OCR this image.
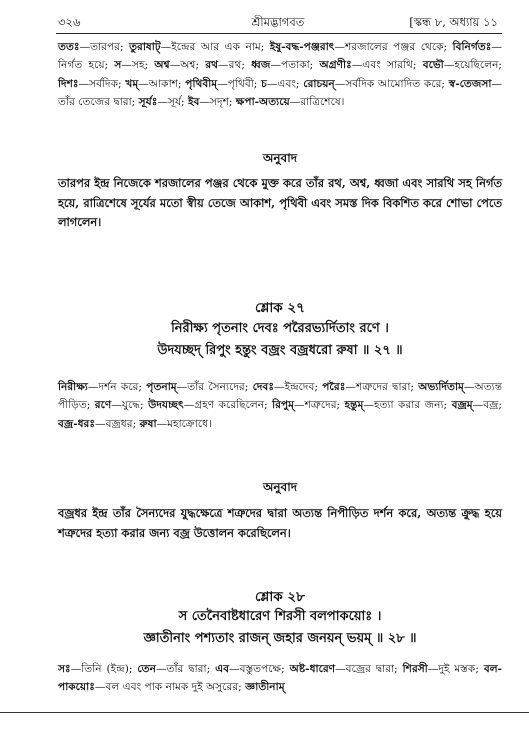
৩২৬	শ্রীমদ্ভাগবত	[স্কন্ধ ৮, অধ্যায় ১১

ততঃ—তারপর; তুরাষাট্—ইন্দ্রের আর এক নাম; ইষু-বদ্ধ-পঞ্জরাৎ—শরজালের পঞ্জর থেকে; বিনির্গতঃ—নির্গত হয়ে; স—সহ; অশ্ব—অশ্ব; রথ—রথ; ধ্বজ—পতাকা; অগ্রণীঃ—এবং সারথি; বভৌ—হয়েছিলেন; দিশঃ—সর্বদিক; খম্—আকাশ; পৃথিবীম্—পৃথিবী; চ—এবং; রোচয়ন্—সর্বদিক আমোদিত করে; স্ব-তেজসা—তাঁর তেজের দ্বারা; সূর্যঃ—সূর্য; ইব—সদৃশ; ক্ষপা-অত্যয়ে—রাত্রিশেষে।

অনুবাদ

তারপর ইন্দ্র নিজেকে শরজালের পঞ্জর থেকে মুক্ত করে তাঁর রথ, অশ্ব, ধ্বজা এবং সারথি সহ নির্গত হয়ে, রাত্রিশেষে সূর্যের মতো স্বীয় তেজে আকাশ, পৃথিবী এবং সমস্ত দিক বিকশিত করে শোভা পেতে লাগলেন।

শ্লোক ২৭
নিরীক্ষ্য পৃতনাং দেবঃ পরৈরভ্যর্দিতাং রণে ।
উদযচ্ছদ্ রিপুং হন্তুং বজ্রং বজ্রধরো রুষা ॥ ২৭ ॥

নিরীক্ষ্য—দর্শন করে; পৃতনাম্—তাঁর সৈন্যদের; দেবঃ—ইন্দ্রদেব; পরৈঃ—শত্রুদের দ্বারা; অভ্যর্দিতাম্—অত্যন্ত পীড়িত; রণে—যুদ্ধে; উদযচ্ছৎ—গ্রহণ করেছিলেন; রিপুম্—শত্রুদের; হন্তুম্—হত্যা করার জন্য; বজ্রম্—বজ্র; বজ্র-ধরঃ—বজ্রধর; রুষা—মহাক্রোধে।

অনুবাদ

বজ্রধর ইন্দ্র তাঁর সৈন্যদের যুদ্ধক্ষেত্রে শত্রুদের দ্বারা অত্যন্ত নিপীড়িত দর্শন করে, অত্যন্ত ক্রুদ্ধ হয়ে শত্রুদের হত্যা করার জন্য বজ্র উত্তোলন করেছিলেন।

শ্লোক ২৮
স তেনৈবাষ্টধারেণ শিরসী বলপাকয়োঃ ।
জ্ঞাতীনাং পশ্যতাং রাজন্ জহার জনয়ন্ ভয়ম্ ॥ ২৮ ॥

সঃ—তিনি (ইন্দ্র); তেন—তাঁর দ্বারা; এব—বস্তুতপক্ষে; অষ্ট-ধারেণ—বজ্রের দ্বারা; শিরসী—দুই মস্তক; বল-পাকয়োঃ—বল এবং পাক নামক দুই অসুরের; জ্ঞাতীনাম্
